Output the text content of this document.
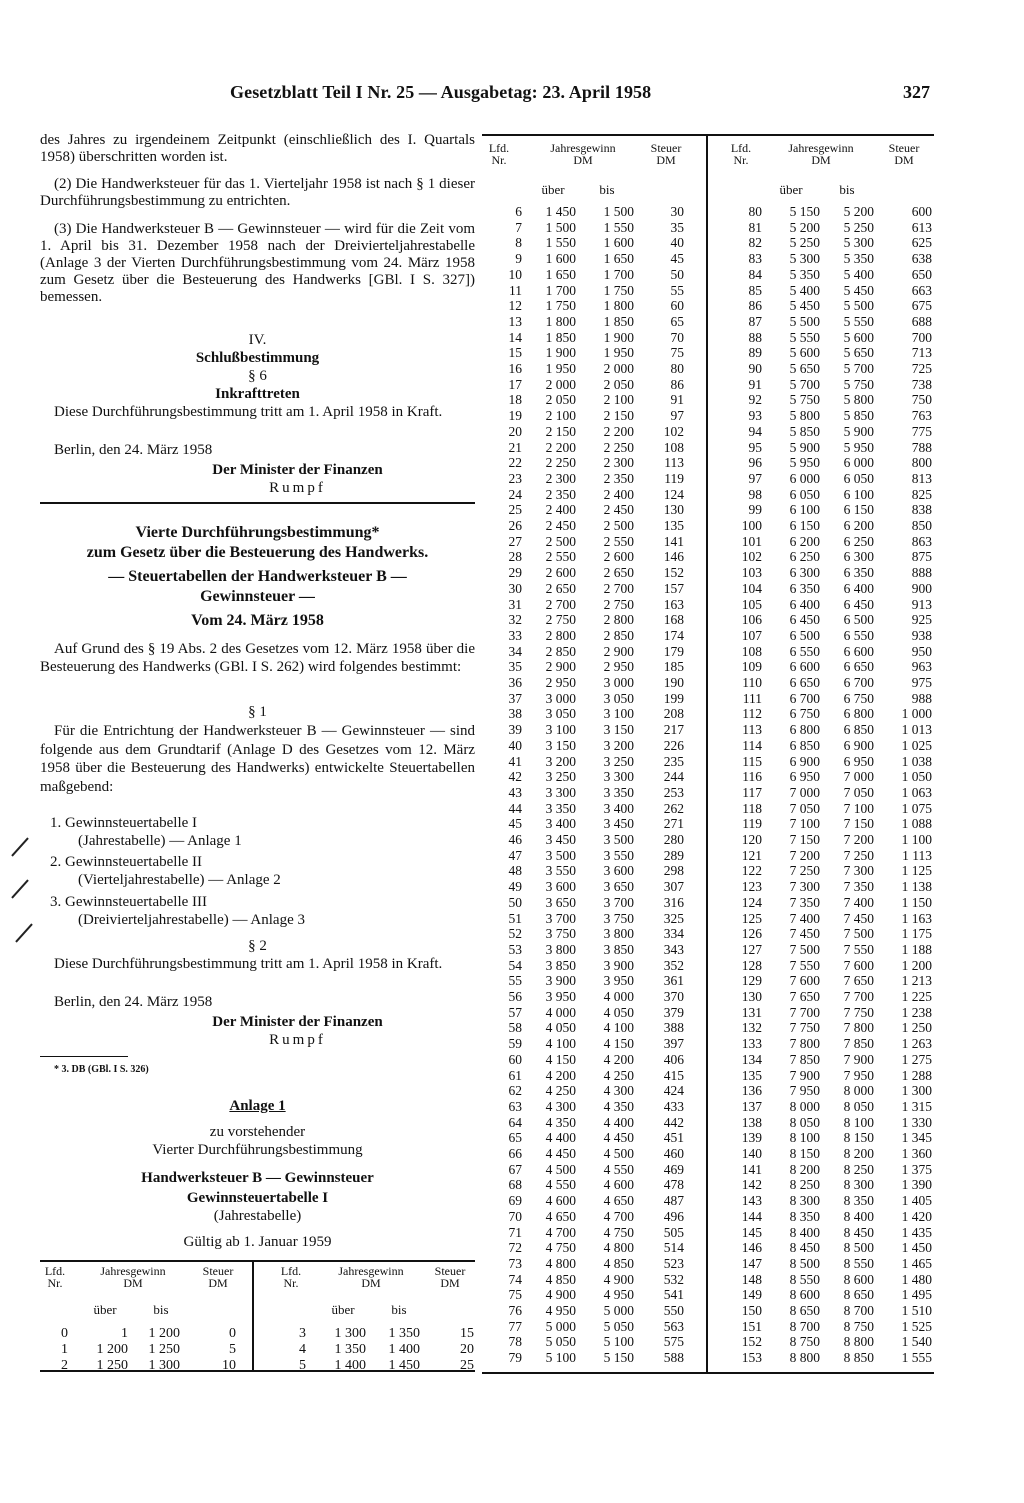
Gesetzblatt Teil I Nr. 25 — Ausgabetag: 23. April 1958	327
des Jahres zu irgendeinem Zeitpunkt (einschließlich des I. Quartals 1958) überschritten worden ist.
(2) Die Handwerksteuer für das 1. Vierteljahr 1958 ist nach § 1 dieser Durchführungsbestimmung zu entrichten.
(3) Die Handwerksteuer B — Gewinnsteuer — wird für die Zeit vom 1. April bis 31. Dezember 1958 nach der Dreivierteljahrestabelle (Anlage 3 der Vierten Durchführungsbestimmung vom 24. März 1958 zum Gesetz über die Besteuerung des Handwerks [GBl. I S. 327]) bemessen.
IV.
Schlußbestimmung
§ 6
Inkrafttreten
Diese Durchführungsbestimmung tritt am 1. April 1958 in Kraft.
Berlin, den 24. März 1958
Der Minister der Finanzen
Rumpf
Vierte Durchführungsbestimmung*
zum Gesetz über die Besteuerung des Handwerks.
— Steuertabellen der Handwerksteuer B —
Gewinnsteuer —
Vom 24. März 1958
Auf Grund des § 19 Abs. 2 des Gesetzes vom 12. März 1958 über die Besteuerung des Handwerks (GBl. I S. 262) wird folgendes bestimmt:
§ 1
Für die Entrichtung der Handwerksteuer B — Gewinnsteuer — sind folgende aus dem Grundtarif (Anlage D des Gesetzes vom 12. März 1958 über die Besteuerung des Handwerks) entwickelte Steuertabellen maßgebend:
1. Gewinnsteuertabelle I
(Jahrestabelle) — Anlage 1
2. Gewinnsteuertabelle II
(Vierteljahrestabelle) — Anlage 2
3. Gewinnsteuertabelle III
(Dreivierteljahrestabelle) — Anlage 3
§ 2
Diese Durchführungsbestimmung tritt am 1. April 1958 in Kraft.
Berlin, den 24. März 1958
Der Minister der Finanzen
Rumpf
* 3. DB (GBl. I S. 326)
Anlage 1
zu vorstehender
Vierter Durchführungsbestimmung
Handwerksteuer B — Gewinnsteuer
Gewinnsteuertabelle I
(Jahrestabelle)
Gültig ab 1. Januar 1959
Lfd.
Nr.
Jahresgewinn
DM
Steuer
DM
über	bis
Lfd.
Nr.
Jahresgewinn
DM
Steuer
DM
über	bis
0	1	1 200	0
1	1 200	1 250	5
2	1 250	1 300	10
3	1 300	1 350	15
4	1 350	1 400	20
5	1 400	1 450	25
Lfd.
Nr.
Jahresgewinn
DM
Steuer
DM
über	bis
Lfd.
Nr.
Jahresgewinn
DM
Steuer
DM
über	bis
6	1 450	1 500	30
7	1 500	1 550	35
8	1 550	1 600	40
9	1 600	1 650	45
10	1 650	1 700	50
11	1 700	1 750	55
12	1 750	1 800	60
13	1 800	1 850	65
14	1 850	1 900	70
15	1 900	1 950	75
16	1 950	2 000	80
17	2 000	2 050	86
18	2 050	2 100	91
19	2 100	2 150	97
20	2 150	2 200	102
21	2 200	2 250	108
22	2 250	2 300	113
23	2 300	2 350	119
24	2 350	2 400	124
25	2 400	2 450	130
26	2 450	2 500	135
27	2 500	2 550	141
28	2 550	2 600	146
29	2 600	2 650	152
30	2 650	2 700	157
31	2 700	2 750	163
32	2 750	2 800	168
33	2 800	2 850	174
34	2 850	2 900	179
35	2 900	2 950	185
36	2 950	3 000	190
37	3 000	3 050	199
38	3 050	3 100	208
39	3 100	3 150	217
40	3 150	3 200	226
41	3 200	3 250	235
42	3 250	3 300	244
43	3 300	3 350	253
44	3 350	3 400	262
45	3 400	3 450	271
46	3 450	3 500	280
47	3 500	3 550	289
48	3 550	3 600	298
49	3 600	3 650	307
50	3 650	3 700	316
51	3 700	3 750	325
52	3 750	3 800	334
53	3 800	3 850	343
54	3 850	3 900	352
55	3 900	3 950	361
56	3 950	4 000	370
57	4 000	4 050	379
58	4 050	4 100	388
59	4 100	4 150	397
60	4 150	4 200	406
61	4 200	4 250	415
62	4 250	4 300	424
63	4 300	4 350	433
64	4 350	4 400	442
65	4 400	4 450	451
66	4 450	4 500	460
67	4 500	4 550	469
68	4 550	4 600	478
69	4 600	4 650	487
70	4 650	4 700	496
71	4 700	4 750	505
72	4 750	4 800	514
73	4 800	4 850	523
74	4 850	4 900	532
75	4 900	4 950	541
76	4 950	5 000	550
77	5 000	5 050	563
78	5 050	5 100	575
79	5 100	5 150	588
80	5 150	5 200	600
81	5 200	5 250	613
82	5 250	5 300	625
83	5 300	5 350	638
84	5 350	5 400	650
85	5 400	5 450	663
86	5 450	5 500	675
87	5 500	5 550	688
88	5 550	5 600	700
89	5 600	5 650	713
90	5 650	5 700	725
91	5 700	5 750	738
92	5 750	5 800	750
93	5 800	5 850	763
94	5 850	5 900	775
95	5 900	5 950	788
96	5 950	6 000	800
97	6 000	6 050	813
98	6 050	6 100	825
99	6 100	6 150	838
100	6 150	6 200	850
101	6 200	6 250	863
102	6 250	6 300	875
103	6 300	6 350	888
104	6 350	6 400	900
105	6 400	6 450	913
106	6 450	6 500	925
107	6 500	6 550	938
108	6 550	6 600	950
109	6 600	6 650	963
110	6 650	6 700	975
111	6 700	6 750	988
112	6 750	6 800	1 000
113	6 800	6 850	1 013
114	6 850	6 900	1 025
115	6 900	6 950	1 038
116	6 950	7 000	1 050
117	7 000	7 050	1 063
118	7 050	7 100	1 075
119	7 100	7 150	1 088
120	7 150	7 200	1 100
121	7 200	7 250	1 113
122	7 250	7 300	1 125
123	7 300	7 350	1 138
124	7 350	7 400	1 150
125	7 400	7 450	1 163
126	7 450	7 500	1 175
127	7 500	7 550	1 188
128	7 550	7 600	1 200
129	7 600	7 650	1 213
130	7 650	7 700	1 225
131	7 700	7 750	1 238
132	7 750	7 800	1 250
133	7 800	7 850	1 263
134	7 850	7 900	1 275
135	7 900	7 950	1 288
136	7 950	8 000	1 300
137	8 000	8 050	1 315
138	8 050	8 100	1 330
139	8 100	8 150	1 345
140	8 150	8 200	1 360
141	8 200	8 250	1 375
142	8 250	8 300	1 390
143	8 300	8 350	1 405
144	8 350	8 400	1 420
145	8 400	8 450	1 435
146	8 450	8 500	1 450
147	8 500	8 550	1 465
148	8 550	8 600	1 480
149	8 600	8 650	1 495
150	8 650	8 700	1 510
151	8 700	8 750	1 525
152	8 750	8 800	1 540
153	8 800	8 850	1 555
